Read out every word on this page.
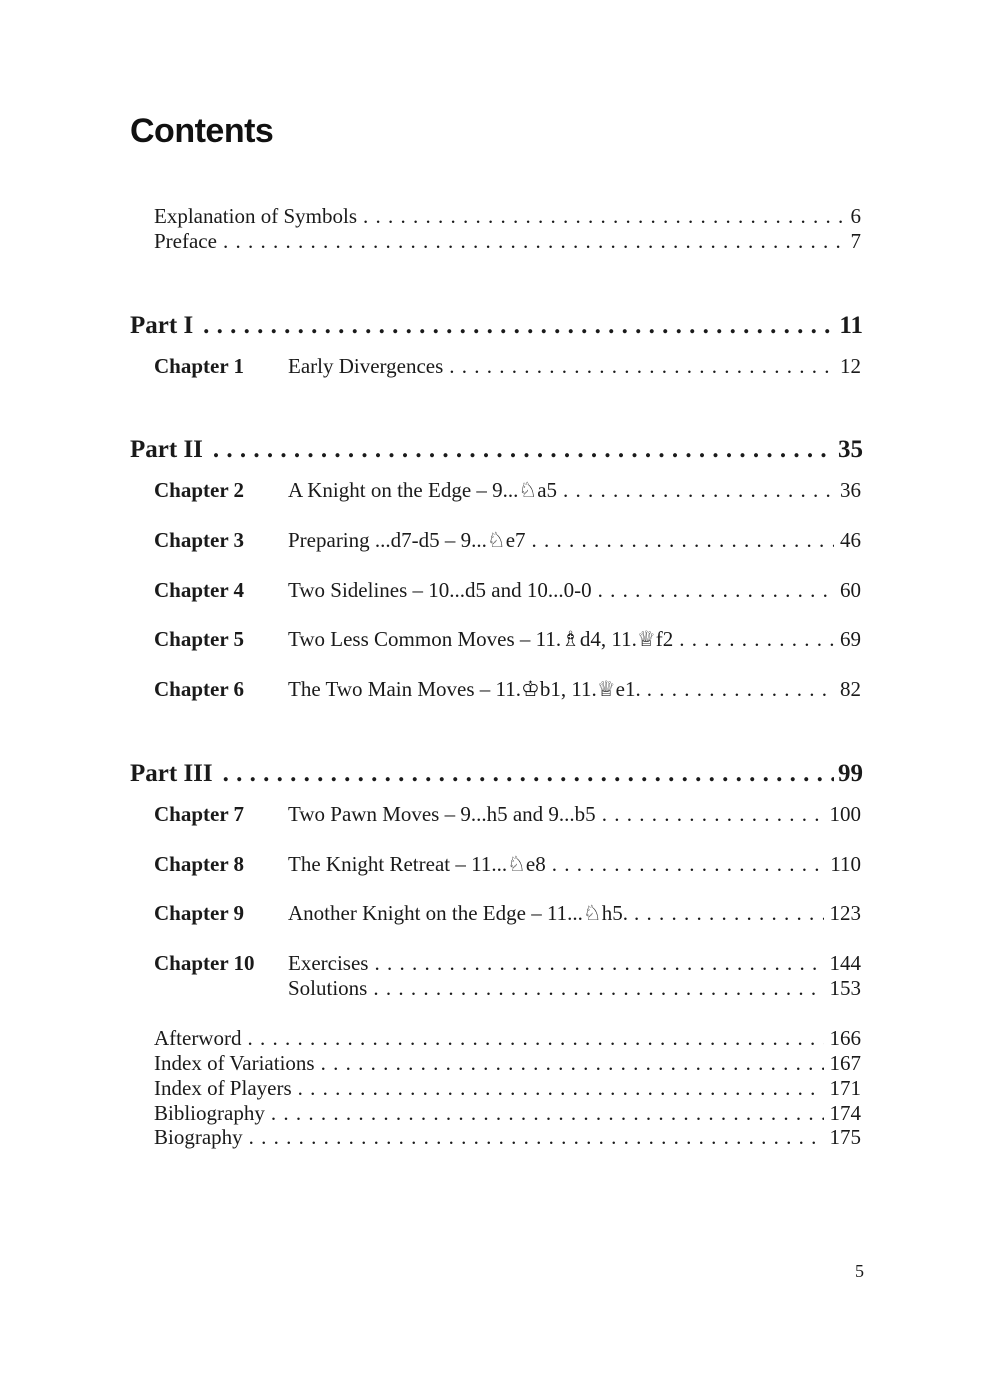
Contents
Explanation of Symbols . . .	6
Preface . . .	7
Part I . . .	11
Chapter 1 Early Divergences . . .	12
Part II . . .	35
Chapter 2 A Knight on the Edge – 9...♘a5 . . .	36
Chapter 3 Preparing ...d7-d5 – 9...♘e7 . . .	46
Chapter 4 Two Sidelines – 10...d5 and 10...0-0 . . .	60
Chapter 5 Two Less Common Moves – 11.♗d4, 11.♕f2 . . .	69
Chapter 6 The Two Main Moves – 11.♔b1, 11.♕e1. . . .	82
Part III . . .	99
Chapter 7 Two Pawn Moves – 9...h5 and 9...b5 . . .	100
Chapter 8 The Knight Retreat – 11...♘e8 . . .	110
Chapter 9 Another Knight on the Edge – 11...♘h5. . . .	123
Chapter 10 Exercises . . .	144
Solutions . . .	153
Afterword . . .	166
Index of Variations . . .	167
Index of Players . . .	171
Bibliography . . .	174
Biography . . .	175
5
